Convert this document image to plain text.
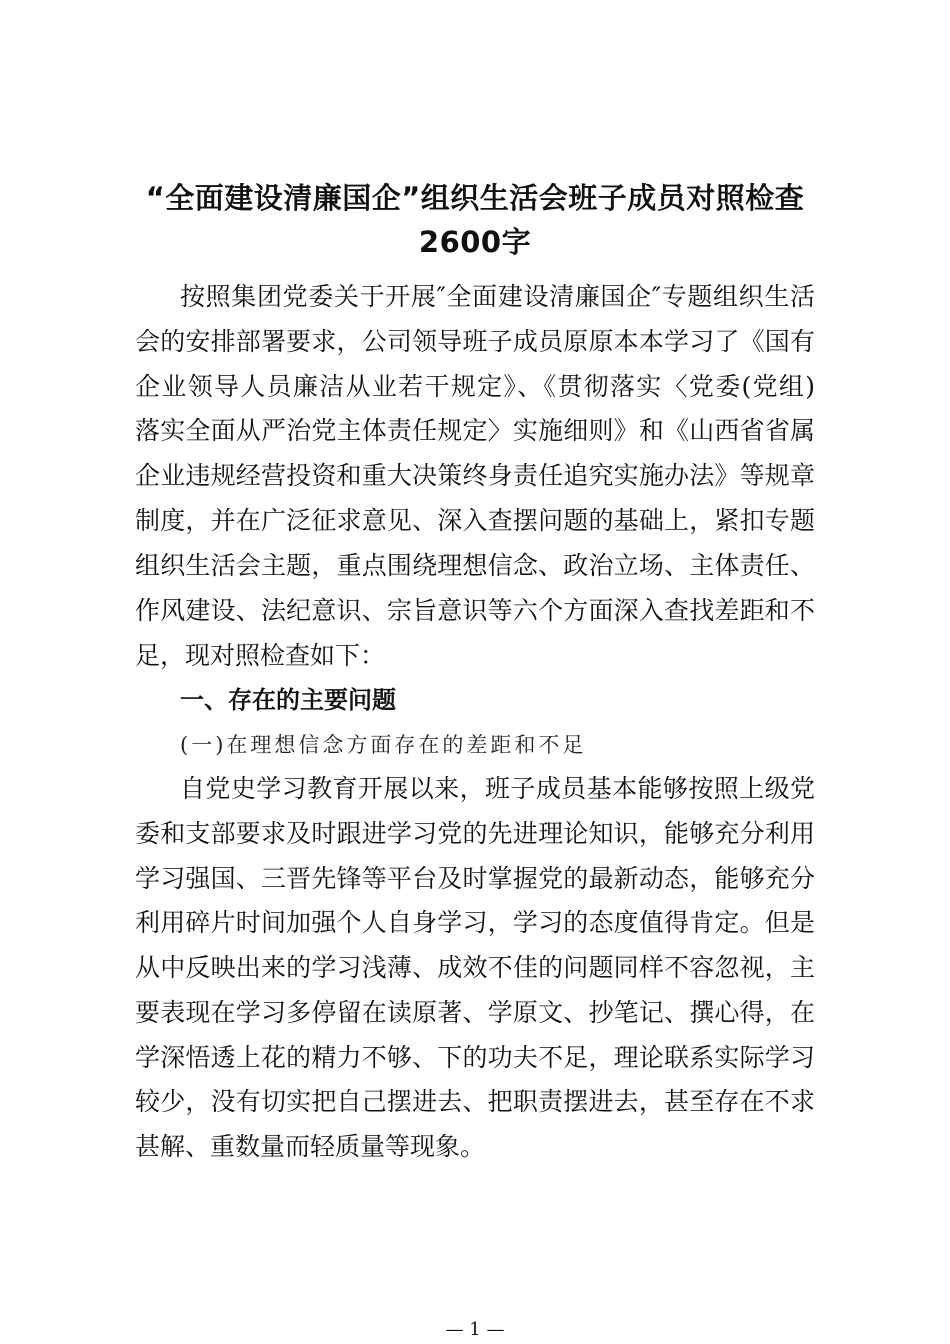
“全面建设清廉国企”组织生活会班子成员对照检查
2600字
按照集团党委关于开展″全面建设清廉国企″专题组织生活
会的安排部署要求，公司领导班子成员原原本本学习了《国有
企业领导人员廉洁从业若干规定》、《贯彻落实〈党委(党组)
落实全面从严治党主体责任规定〉实施细则》和《山西省省属
企业违规经营投资和重大决策终身责任追究实施办法》等规章
制度，并在广泛征求意见、深入查摆问题的基础上，紧扣专题
组织生活会主题，重点围绕理想信念、政治立场、主体责任、
作风建设、法纪意识、宗旨意识等六个方面深入查找差距和不
足，现对照检查如下：
一、存在的主要问题
(一)在理想信念方面存在的差距和不足
自党史学习教育开展以来，班子成员基本能够按照上级党
委和支部要求及时跟进学习党的先进理论知识，能够充分利用
学习强国、三晋先锋等平台及时掌握党的最新动态，能够充分
利用碎片时间加强个人自身学习，学习的态度值得肯定。但是
从中反映出来的学习浅薄、成效不佳的问题同样不容忽视，主
要表现在学习多停留在读原著、学原文、抄笔记、撰心得，在
学深悟透上花的精力不够、下的功夫不足，理论联系实际学习
较少，没有切实把自己摆进去、把职责摆进去，甚至存在不求
甚解、重数量而轻质量等现象。
— 1 —
